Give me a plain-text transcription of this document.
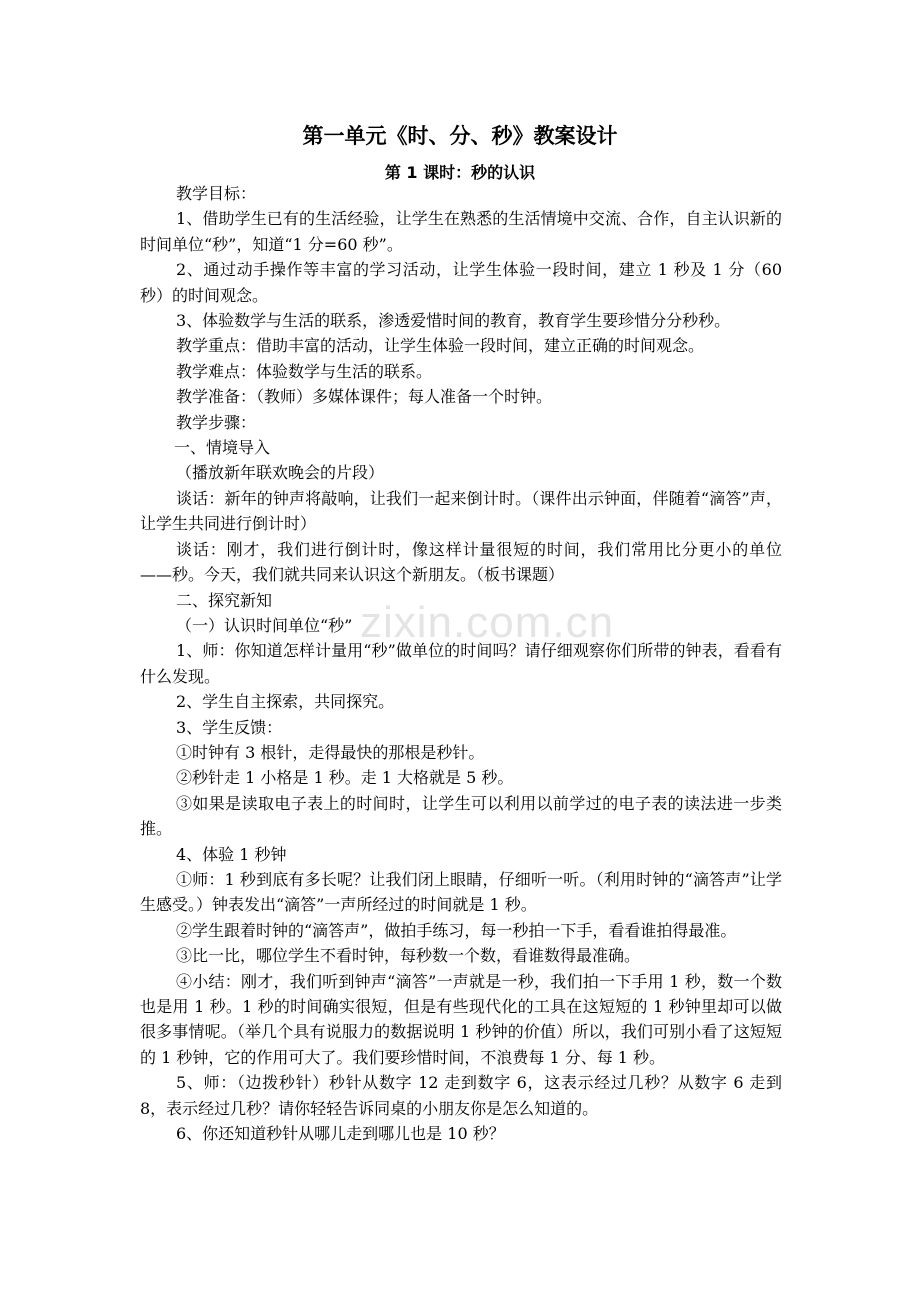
zixin.com.cn
第一单元《时、分、秒》教案设计
第 1 课时：秒的认识

教学目标：

1、借助学生已有的生活经验，让学生在熟悉的生活情境中交流、合作，自主认识新的时间单位“秒”，知道“1 分=60 秒”。

2、通过动手操作等丰富的学习活动，让学生体验一段时间，建立 1 秒及 1 分（60 秒）的时间观念。

3、体验数学与生活的联系，渗透爱惜时间的教育，教育学生要珍惜分分秒秒。

教学重点：借助丰富的活动，让学生体验一段时间，建立正确的时间观念。

教学难点：体验数学与生活的联系。

教学准备：（教师）多媒体课件；每人准备一个时钟。

教学步骤：

一、情境导入

（播放新年联欢晚会的片段）

谈话：新年的钟声将敲响，让我们一起来倒计时。（课件出示钟面，伴随着“滴答”声，让学生共同进行倒计时）

谈话：刚才，我们进行倒计时，像这样计量很短的时间，我们常用比分更小的单位——秒。今天，我们就共同来认识这个新朋友。（板书课题）

二、探究新知

（一）认识时间单位“秒”

1、师：你知道怎样计量用“秒”做单位的时间吗？请仔细观察你们所带的钟表，看看有什么发现。

2、学生自主探索，共同探究。

3、学生反馈：

①时钟有 3 根针，走得最快的那根是秒针。

②秒针走 1 小格是 1 秒。走 1 大格就是 5 秒。

③如果是读取电子表上的时间时，让学生可以利用以前学过的电子表的读法进一步类推。

4、体验 1 秒钟

①师：1 秒到底有多长呢？让我们闭上眼睛，仔细听一听。（利用时钟的“滴答声”让学生感受。）钟表发出“滴答”一声所经过的时间就是 1 秒。

②学生跟着时钟的“滴答声”，做拍手练习，每一秒拍一下手，看看谁拍得最准。

③比一比，哪位学生不看时钟，每秒数一个数，看谁数得最准确。

④小结：刚才，我们听到钟声“滴答”一声就是一秒，我们拍一下手用 1 秒，数一个数也是用 1 秒。1 秒的时间确实很短，但是有些现代化的工具在这短短的 1 秒钟里却可以做很多事情呢。（举几个具有说服力的数据说明 1 秒钟的价值）所以，我们可别小看了这短短的 1 秒钟，它的作用可大了。我们要珍惜时间，不浪费每 1 分、每 1 秒。

5、师：（边拨秒针）秒针从数字 12 走到数字 6，这表示经过几秒？从数字 6 走到 8，表示经过几秒？请你轻轻告诉同桌的小朋友你是怎么知道的。

6、你还知道秒针从哪儿走到哪儿也是 10 秒？
